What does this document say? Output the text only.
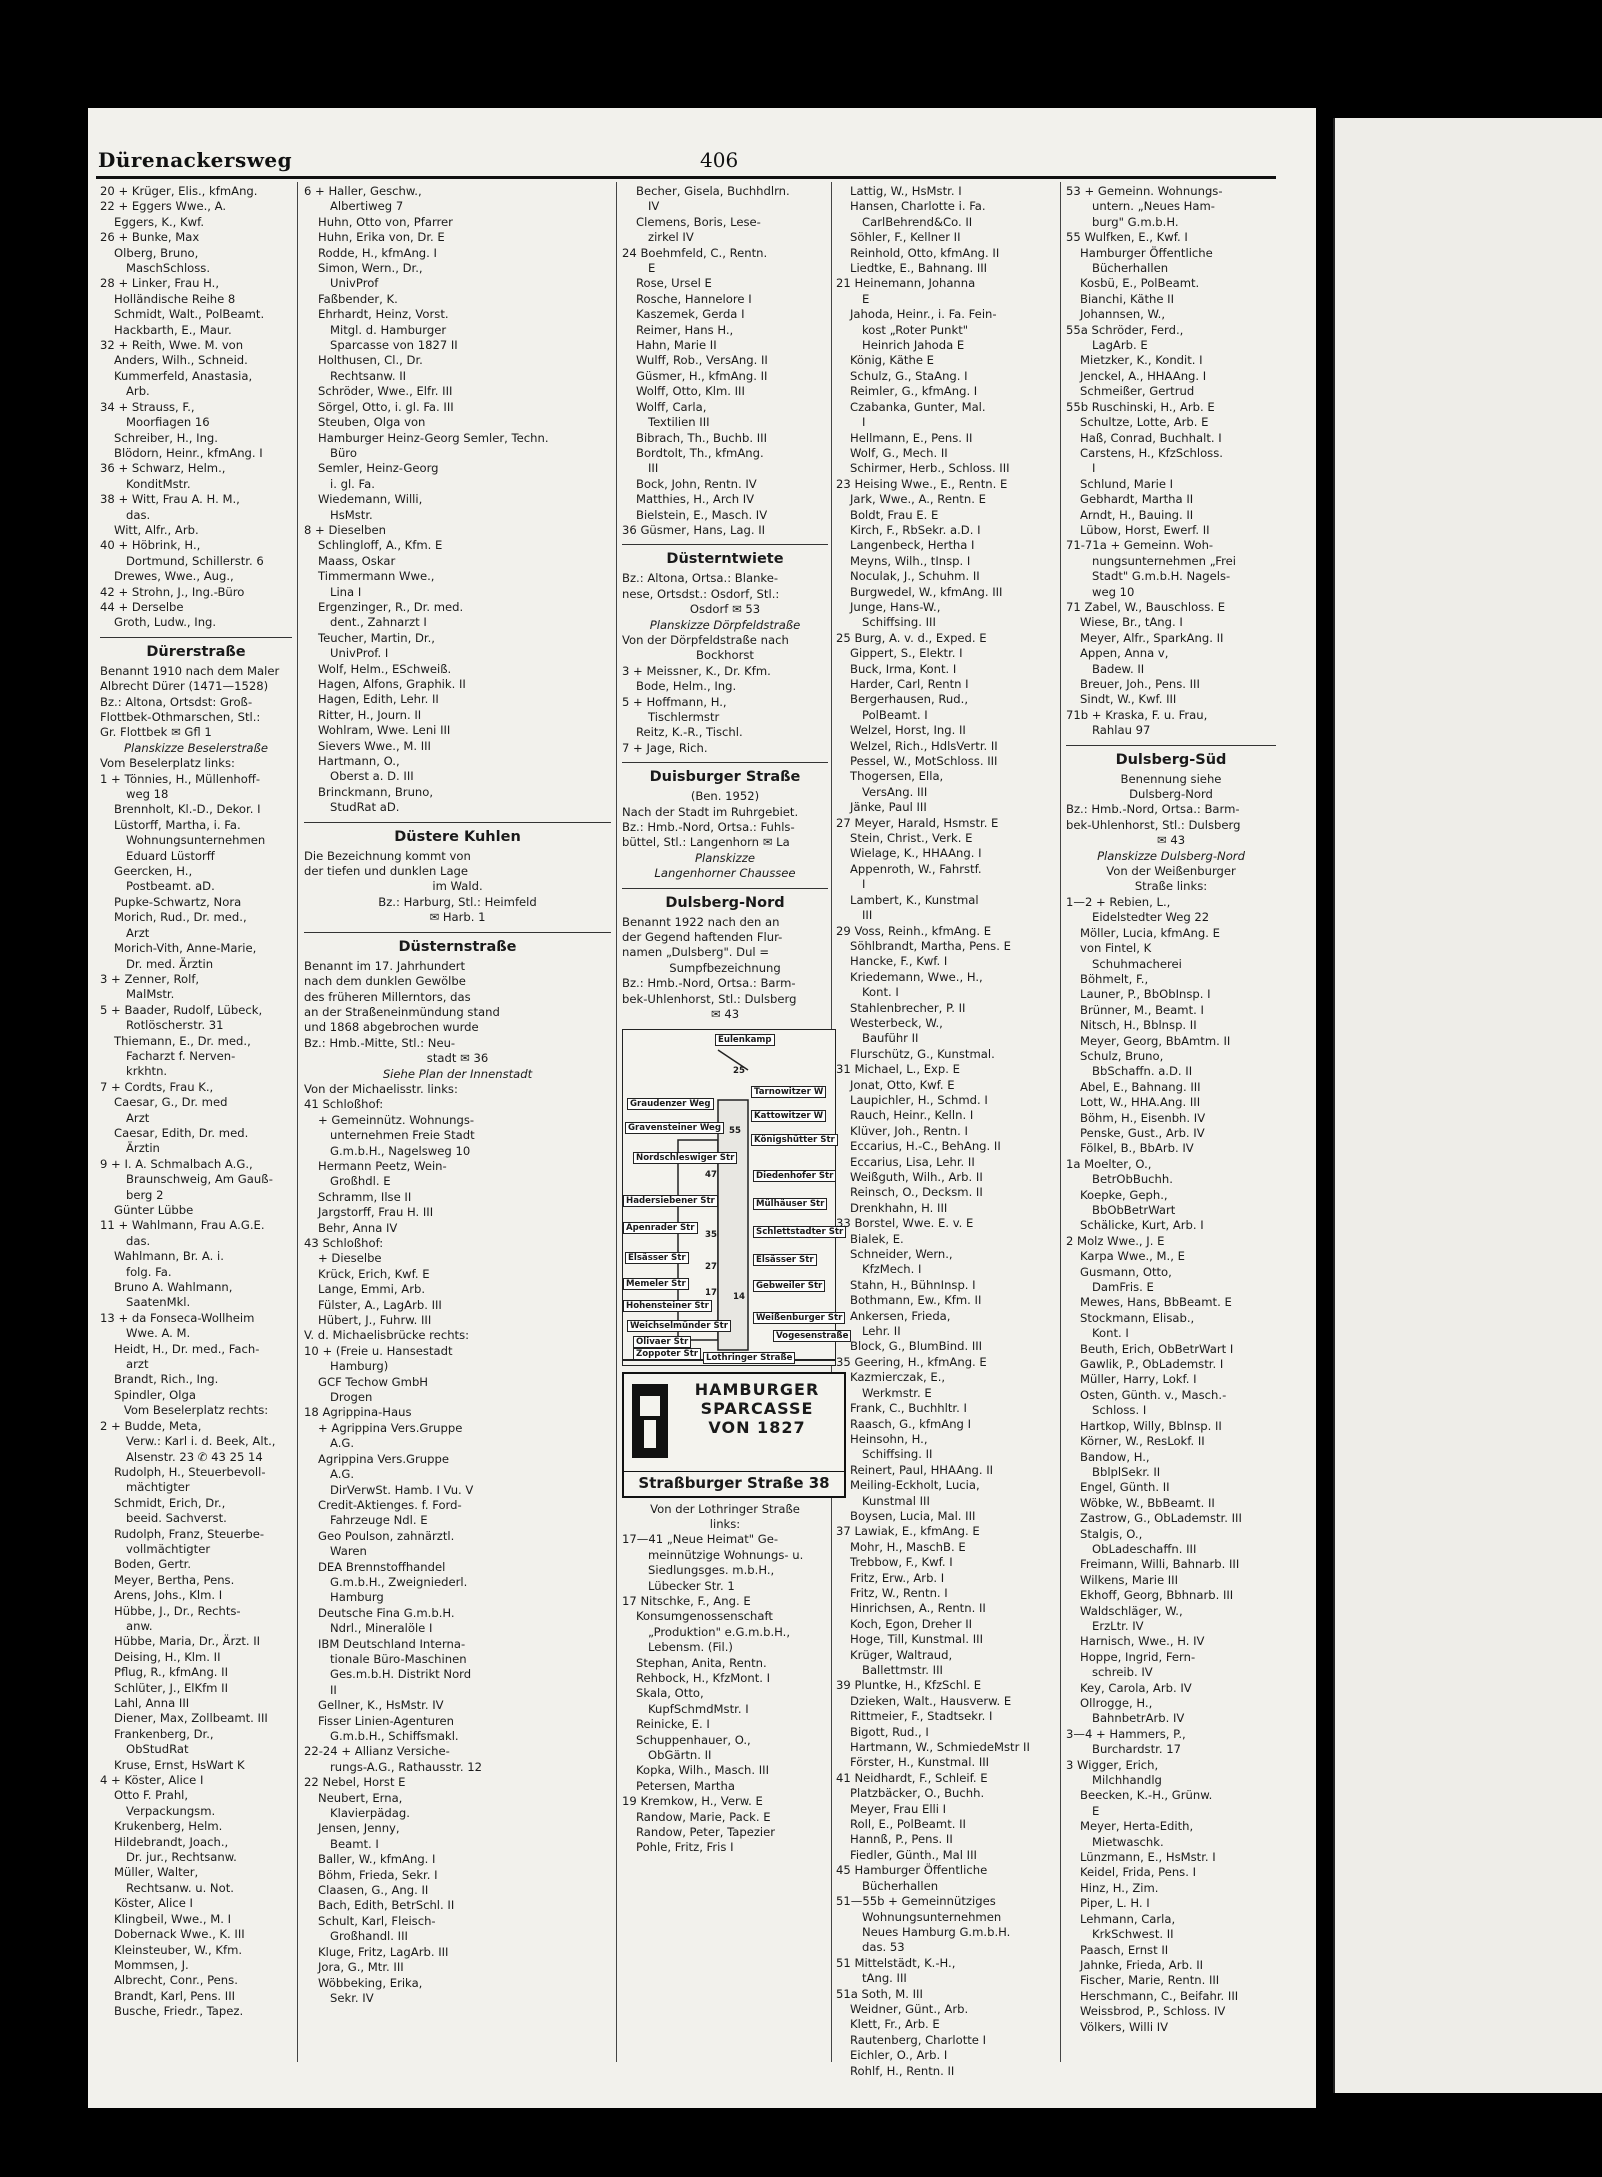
Dürenackersweg	406
20 + Krüger, Elis., kfmAng.
22 + Eggers Wwe., A.
Eggers, K., Kwf.
26 + Bunke, Max
Olberg, Bruno,
MaschSchloss.
28 + Linker, Frau H.,
Holländische Reihe 8
Schmidt, Walt., PolBeamt.
Hackbarth, E., Maur.
32 + Reith, Wwe. M. von
Anders, Wilh., Schneid.
Kummerfeld, Anastasia,
Arb.
34 + Strauss, F.,
Moorfiagen 16
Schreiber, H., Ing.
Blödorn, Heinr., kfmAng. I
36 + Schwarz, Helm.,
KonditMstr.
38 + Witt, Frau A. H. M.,
das.
Witt, Alfr., Arb.
40 + Höbrink, H.,
Dortmund, Schillerstr. 6
Drewes, Wwe., Aug.,
42 + Strohn, J., Ing.-Büro
44 + Derselbe
Groth, Ludw., Ing.
Dürerstraße
Benannt 1910 nach dem Maler
Albrecht Dürer (1471—1528)
Bz.: Altona, Ortsdst: Groß-
Flottbek-Othmarschen, Stl.:
Gr. Flottbek ✉ Gfl 1
Planskizze Beselerstraße
Vom Beselerplatz links:
1 + Tönnies, H., Müllenhoff-
weg 18
Brennholt, Kl.-D., Dekor. I
Lüstorff, Martha, i. Fa.
Wohnungsunternehmen
Eduard Lüstorff
Geercken, H.,
Postbeamt. aD.
Pupke-Schwartz, Nora
Morich, Rud., Dr. med.,
Arzt
Morich-Vith, Anne-Marie,
Dr. med. Ärztin
3 + Zenner, Rolf,
MalMstr.
5 + Baader, Rudolf, Lübeck,
Rotlöscherstr. 31
Thiemann, E., Dr. med.,
Facharzt f. Nerven-
krkhtn.
7 + Cordts, Frau K.,
Caesar, G., Dr. med
Arzt
Caesar, Edith, Dr. med.
Ärztin
9 + I. A. Schmalbach A.G.,
Braunschweig, Am Gauß-
berg 2
Günter Lübbe
11 + Wahlmann, Frau A.G.E.
das.
Wahlmann, Br. A. i.
folg. Fa.
Bruno A. Wahlmann,
SaatenMkl.
13 + da Fonseca-Wollheim
Wwe. A. M.
Heidt, H., Dr. med., Fach-
arzt
Brandt, Rich., Ing.
Spindler, Olga
Vom Beselerplatz rechts:
2 + Budde, Meta,
Verw.: Karl i. d. Beek, Alt.,
Alsenstr. 23 ✆ 43 25 14
Rudolph, H., Steuerbevoll-
mächtigter
Schmidt, Erich, Dr.,
beeid. Sachverst.
Rudolph, Franz, Steuerbe-
vollmächtigter
Boden, Gertr.
Meyer, Bertha, Pens.
Arens, Johs., Klm. I
Hübbe, J., Dr., Rechts-
anw.
Hübbe, Maria, Dr., Ärzt. II
Deising, H., Klm. II
Pflug, R., kfmAng. II
Schlüter, J., ElKfm II
Lahl, Anna III
Diener, Max, Zollbeamt. III
Frankenberg, Dr.,
ObStudRat
Kruse, Ernst, HsWart K
4 + Köster, Alice I
Otto F. Prahl,
Verpackungsm.
Krukenberg, Helm.
Hildebrandt, Joach.,
Dr. jur., Rechtsanw.
Müller, Walter,
Rechtsanw. u. Not.
Köster, Alice I
Klingbeil, Wwe., M. I
Dobernack Wwe., K. III
Kleinsteuber, W., Kfm.
Mommsen, J.
Albrecht, Conr., Pens.
Brandt, Karl, Pens. III
Busche, Friedr., Tapez.
6 + Haller, Geschw.,
Albertiweg 7
Huhn, Otto von, Pfarrer
Huhn, Erika von, Dr. E
Rodde, H., kfmAng. I
Simon, Wern., Dr.,
UnivProf
Faßbender, K.
Ehrhardt, Heinz, Vorst.
Mitgl. d. Hamburger
Sparcasse von 1827 II
Holthusen, Cl., Dr.
Rechtsanw. II
Schröder, Wwe., Elfr. III
Sörgel, Otto, i. gl. Fa. III
Steuben, Olga von
Hamburger Heinz-Georg Semler, Techn.
Büro
Semler, Heinz-Georg
i. gl. Fa.
Wiedemann, Willi,
HsMstr.
8 + Dieselben
Schlingloff, A., Kfm. E
Maass, Oskar
Timmermann Wwe.,
Lina I
Ergenzinger, R., Dr. med.
dent., Zahnarzt I
Teucher, Martin, Dr.,
UnivProf. I
Wolf, Helm., ESchweiß.
Hagen, Alfons, Graphik. II
Hagen, Edith, Lehr. II
Ritter, H., Journ. II
Wohlram, Wwe. Leni III
Sievers Wwe., M. III
Hartmann, O.,
Oberst a. D. III
Brinckmann, Bruno,
StudRat aD.
Düstere Kuhlen
Die Bezeichnung kommt von
der tiefen und dunklen Lage
im Wald.
Bz.: Harburg, Stl.: Heimfeld
✉ Harb. 1
Düsternstraße
Benannt im 17. Jahrhundert
nach dem dunklen Gewölbe
des früheren Millerntors, das
an der Straßeneinmündung stand
und 1868 abgebrochen wurde
Bz.: Hmb.-Mitte, Stl.: Neu-
stadt ✉ 36
Siehe Plan der Innenstadt
Von der Michaelisstr. links:
41 Schloßhof:
+ Gemeinnütz. Wohnungs-
unternehmen Freie Stadt
G.m.b.H., Nagelsweg 10
Hermann Peetz, Wein-
Großhdl. E
Schramm, Ilse II
Jargstorff, Frau H. III
Behr, Anna IV
43 Schloßhof:
+ Dieselbe
Krück, Erich, Kwf. E
Lange, Emmi, Arb.
Fülster, A., LagArb. III
Hübert, J., Fuhrw. III
V. d. Michaelisbrücke rechts:
10 + (Freie u. Hansestadt
Hamburg)
GCF Techow GmbH
Drogen
18 Agrippina-Haus
+ Agrippina Vers.Gruppe
A.G.
Agrippina Vers.Gruppe
A.G.
DirVerwSt. Hamb. I Vu. V
Credit-Aktienges. f. Ford-
Fahrzeuge Ndl. E
Geo Poulson, zahnärztl.
Waren
DEA Brennstoffhandel
G.m.b.H., Zweigniederl.
Hamburg
Deutsche Fina G.m.b.H.
Ndrl., Mineralöle I
IBM Deutschland Interna-
tionale Büro-Maschinen
Ges.m.b.H. Distrikt Nord
II
Gellner, K., HsMstr. IV
Fisser Linien-Agenturen
G.m.b.H., Schiffsmakl.
22-24 + Allianz Versiche-
rungs-A.G., Rathausstr. 12
22 Nebel, Horst E
Neubert, Erna,
Klavierpädag.
Jensen, Jenny,
Beamt. I
Baller, W., kfmAng. I
Böhm, Frieda, Sekr. I
Claasen, G., Ang. II
Bach, Edith, BetrSchl. II
Schult, Karl, Fleisch-
Großhandl. III
Kluge, Fritz, LagArb. III
Jora, G., Mtr. III
Wöbbeking, Erika,
Sekr. IV
Becher, Gisela, Buchhdlrn.
IV
Clemens, Boris, Lese-
zirkel IV
24 Boehmfeld, C., Rentn.
E
Rose, Ursel E
Rosche, Hannelore I
Kaszemek, Gerda I
Reimer, Hans H.,
Hahn, Marie II
Wulff, Rob., VersAng. II
Güsmer, H., kfmAng. II
Wolff, Otto, Klm. III
Wolff, Carla,
Textilien III
Bibrach, Th., Buchb. III
Bordtolt, Th., kfmAng.
III
Bock, John, Rentn. IV
Matthies, H., Arch IV
Bielstein, E., Masch. IV
36 Güsmer, Hans, Lag. II
Düsterntwiete
Bz.: Altona, Ortsa.: Blanke-
nese, Ortsdst.: Osdorf, Stl.:
Osdorf ✉ 53
Planskizze Dörpfeldstraße
Von der Dörpfeldstraße nach
Bockhorst
3 + Meissner, K., Dr. Kfm.
Bode, Helm., Ing.
5 + Hoffmann, H.,
Tischlermstr
Reitz, K.-R., Tischl.
7 + Jage, Rich.
Duisburger Straße
(Ben. 1952)
Nach der Stadt im Ruhrgebiet.
Bz.: Hmb.-Nord, Ortsa.: Fuhls-
büttel, Stl.: Langenhorn ✉ La
Planskizze
Langenhorner Chaussee
Dulsberg-Nord
Benannt 1922 nach den an
der Gegend haftenden Flur-
namen „Dulsberg". Dul =
Sumpfbezeichnung
Bz.: Hmb.-Nord, Ortsa.: Barm-
bek-Uhlenhorst, Stl.: Dulsberg
✉ 43
Eulenkamp
Graudenzer Weg
Tarnowitzer W
Kattowitzer W
Gravensteiner Weg
Königshütter Str
Nordschleswiger Str
Diedenhofer Str
Hadersiebener Str	Mülhäuser Str
Apenrader Str	Schlettstadter Str
Elsässer Str	Elsässer Str
Memeler Str	Gebweiler Str
Hohensteiner Str
Weichselmünder Str
Weißenburger Str
Olivaer Str
Zoppoter Str
Vogesenstraße
Lothringer Straße
25
55
47
35
27
17 14
HAMBURGER
SPARCASSE
VON 1827
Straßburger Straße 38
Von der Lothringer Straße
links:
17—41 „Neue Heimat" Ge-
meinnützige Wohnungs- u.
Siedlungsges. m.b.H.,
Lübecker Str. 1
17 Nitschke, F., Ang. E
Konsumgenossenschaft
„Produktion" e.G.m.b.H.,
Lebensm. (Fil.)
Stephan, Anita, Rentn.
Rehbock, H., KfzMont. I
Skala, Otto,
KupfSchmdMstr. I
Reinicke, E. I
Schuppenhauer, O.,
ObGärtn. II
Kopka, Wilh., Masch. III
Petersen, Martha
19 Kremkow, H., Verw. E
Randow, Marie, Pack. E
Randow, Peter, Tapezier
Pohle, Fritz, Fris I
Lattig, W., HsMstr. I
Hansen, Charlotte i. Fa.
CarlBehrend&Co. II
Söhler, F., Kellner II
Reinhold, Otto, kfmAng. II
Liedtke, E., Bahnang. III
21 Heinemann, Johanna
E
Jahoda, Heinr., i. Fa. Fein-
kost „Roter Punkt"
Heinrich Jahoda E
König, Käthe E
Schulz, G., StaAng. I
Reimler, G., kfmAng. I
Czabanka, Gunter, Mal.
I
Hellmann, E., Pens. II
Wolf, G., Mech. II
Schirmer, Herb., Schloss. III
23 Heising Wwe., E., Rentn. E
Jark, Wwe., A., Rentn. E
Boldt, Frau E. E
Kirch, F., RbSekr. a.D. I
Langenbeck, Hertha I
Meyns, Wilh., tInsp. I
Noculak, J., Schuhm. II
Burgwedel, W., kfmAng. III
Junge, Hans-W.,
Schiffsing. III
25 Burg, A. v. d., Exped. E
Gippert, S., Elektr. I
Buck, Irma, Kont. I
Harder, Carl, Rentn I
Bergerhausen, Rud.,
PolBeamt. I
Welzel, Horst, Ing. II
Welzel, Rich., HdlsVertr. II
Pessel, W., MotSchloss. III
Thogersen, Ella,
VersAng. III
Jänke, Paul III
27 Meyer, Harald, Hsmstr. E
Stein, Christ., Verk. E
Wielage, K., HHAAng. I
Appenroth, W., Fahrstf.
I
Lambert, K., Kunstmal
III
29 Voss, Reinh., kfmAng. E
Söhlbrandt, Martha, Pens. E
Hancke, F., Kwf. I
Kriedemann, Wwe., H.,
Kont. I
Stahlenbrecher, P. II
Westerbeck, W.,
Bauführ II
Flurschütz, G., Kunstmal.
31 Michael, L., Exp. E
Jonat, Otto, Kwf. E
Laupichler, H., Schmd. I
Rauch, Heinr., Kelln. I
Klüver, Joh., Rentn. I
Eccarius, H.-C., BehAng. II
Eccarius, Lisa, Lehr. II
Weißguth, Wilh., Arb. II
Reinsch, O., Decksm. II
Drenkhahn, H. III
33 Borstel, Wwe. E. v. E
Bialek, E.
Schneider, Wern.,
KfzMech. I
Stahn, H., BühnInsp. I
Bothmann, Ew., Kfm. II
Ankersen, Frieda,
Lehr. II
Block, G., BlumBind. III
35 Geering, H., kfmAng. E
Kazmierczak, E.,
Werkmstr. E
Frank, C., Buchhltr. I
Raasch, G., kfmAng I
Heinsohn, H.,
Schiffsing. II
Reinert, Paul, HHAAng. II
Meiling-Eckholt, Lucia,
Kunstmal III
Boysen, Lucia, Mal. III
37 Lawiak, E., kfmAng. E
Mohr, H., MaschB. E
Trebbow, F., Kwf. I
Fritz, Erw., Arb. I
Fritz, W., Rentn. I
Hinrichsen, A., Rentn. II
Koch, Egon, Dreher II
Hoge, Till, Kunstmal. III
Krüger, Waltraud,
Ballettmstr. III
39 Pluntke, H., KfzSchl. E
Dzieken, Walt., Hausverw. E
Rittmeier, F., Stadtsekr. I
Bigott, Rud., I
Hartmann, W., SchmiedeMstr II
Förster, H., Kunstmal. III
41 Neidhardt, F., Schleif. E
Platzbäcker, O., Buchh.
Meyer, Frau Elli I
Roll, E., PolBeamt. II
Hannß, P., Pens. II
Fiedler, Günth., Mal III
45 Hamburger Öffentliche
Bücherhallen
51—55b + Gemeinnütziges
Wohnungsunternehmen
Neues Hamburg G.m.b.H.
das. 53
51 Mittelstädt, K.-H.,
tAng. III
51a Soth, M. III
Weidner, Günt., Arb.
Klett, Fr., Arb. E
Rautenberg, Charlotte I
Eichler, O., Arb. I
Rohlf, H., Rentn. II
53 + Gemeinn. Wohnungs-
untern. „Neues Ham-
burg" G.m.b.H.
55 Wulfken, E., Kwf. I
Hamburger Öffentliche
Bücherhallen
Kosbü, E., PolBeamt.
Bianchi, Käthe II
Johannsen, W.,
55a Schröder, Ferd.,
LagArb. E
Mietzker, K., Kondit. I
Jenckel, A., HHAAng. I
Schmeißer, Gertrud
55b Ruschinski, H., Arb. E
Schultze, Lotte, Arb. E
Haß, Conrad, Buchhalt. I
Carstens, H., KfzSchloss.
I
Schlund, Marie I
Gebhardt, Martha II
Arndt, H., Bauing. II
Lübow, Horst, Ewerf. II
71-71a + Gemeinn. Woh-
nungsunternehmen „Frei
Stadt" G.m.b.H. Nagels-
weg 10
71 Zabel, W., Bauschloss. E
Wiese, Br., tAng. I
Meyer, Alfr., SparkAng. II
Appen, Anna v,
Badew. II
Breuer, Joh., Pens. III
Sindt, W., Kwf. III
71b + Kraska, F. u. Frau,
Rahlau 97
Dulsberg-Süd
Benennung siehe
Dulsberg-Nord
Bz.: Hmb.-Nord, Ortsa.: Barm-
bek-Uhlenhorst, Stl.: Dulsberg
✉ 43
Planskizze Dulsberg-Nord
Von der Weißenburger
Straße links:
1—2 + Rebien, L.,
Eidelstedter Weg 22
Möller, Lucia, kfmAng. E
von Fintel, K
Schuhmacherei
Böhmelt, F.,
Launer, P., BbObInsp. I
Brünner, M., Beamt. I
Nitsch, H., Bblnsp. II
Meyer, Georg, BbAmtm. II
Schulz, Bruno,
BbSchaffn. a.D. II
Abel, E., Bahnang. III
Lott, W., HHA.Ang. III
Böhm, H., Eisenbh. IV
Penske, Gust., Arb. IV
Fölkel, B., BbArb. IV
1a Moelter, O.,
BetrObBuchh.
Koepke, Geph.,
BbObBetrWart
Schälicke, Kurt, Arb. I
2 Molz Wwe., J. E
Karpa Wwe., M., E
Gusmann, Otto,
DamFris. E
Mewes, Hans, BbBeamt. E
Stockmann, Elisab.,
Kont. I
Beuth, Erich, ObBetrWart I
Gawlik, P., ObLademstr. I
Müller, Harry, Lokf. I
Osten, Günth. v., Masch.-
Schloss. I
Hartkop, Willy, Bblnsp. II
Körner, W., ResLokf. II
Bandow, H.,
BblplSekr. II
Engel, Günth. II
Wöbke, W., BbBeamt. II
Zastrow, G., ObLademstr. III
Stalgis, O.,
ObLadeschaffn. III
Freimann, Willi, Bahnarb. III
Wilkens, Marie III
Ekhoff, Georg, Bbhnarb. III
Waldschläger, W.,
ErzLtr. IV
Harnisch, Wwe., H. IV
Hoppe, Ingrid, Fern-
schreib. IV
Key, Carola, Arb. IV
Ollrogge, H.,
BahnbetrArb. IV
3—4 + Hammers, P.,
Burchardstr. 17
3 Wigger, Erich,
Milchhandlg
Beecken, K.-H., Grünw.
E
Meyer, Herta-Edith,
Mietwaschk.
Lünzmann, E., HsMstr. I
Keidel, Frida, Pens. I
Hinz, H., Zim.
Piper, L. H. I
Lehmann, Carla,
KrkSchwest. II
Paasch, Ernst II
Jahnke, Frieda, Arb. II
Fischer, Marie, Rentn. III
Herschmann, C., Beifahr. III
Weissbrod, P., Schloss. IV
Völkers, Willi IV
